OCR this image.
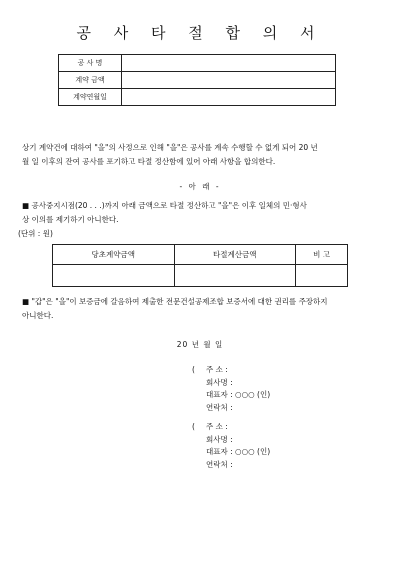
공 사 타 절 합 의 서
공 사 명	
계약 금액	
계약연월일	
상기 계약건에 대하여 "을"의 사정으로 인해 "을"은 공사를 계속 수행할 수 없게 되어 20 년
월 일 이후의 잔여 공사를 포기하고 타절 정산함에 있어 아래 사항을 합의한다.
- 아 래 -
■ 공사중지시점(20 . . .)까지 아래 금액으로 타절 정산하고 "을"은 이후 일체의 민·형사
상 이의를 제기하기 아니한다.
(단위 : 원)
당초계약금액	타절계산금액	비 고

■ "갑"은 "을"이 보증금에 갈음하여 제출한 전문건설공제조합 보증서에 대한 권리를 주장하지
아니한다.
20 년 월 일
( 주 소 :
회사명 :
대표자 : ○○○ (인)
연락처 :
( 주 소 :
회사명 :
대표자 : ○○○ (인)
연락처 :
